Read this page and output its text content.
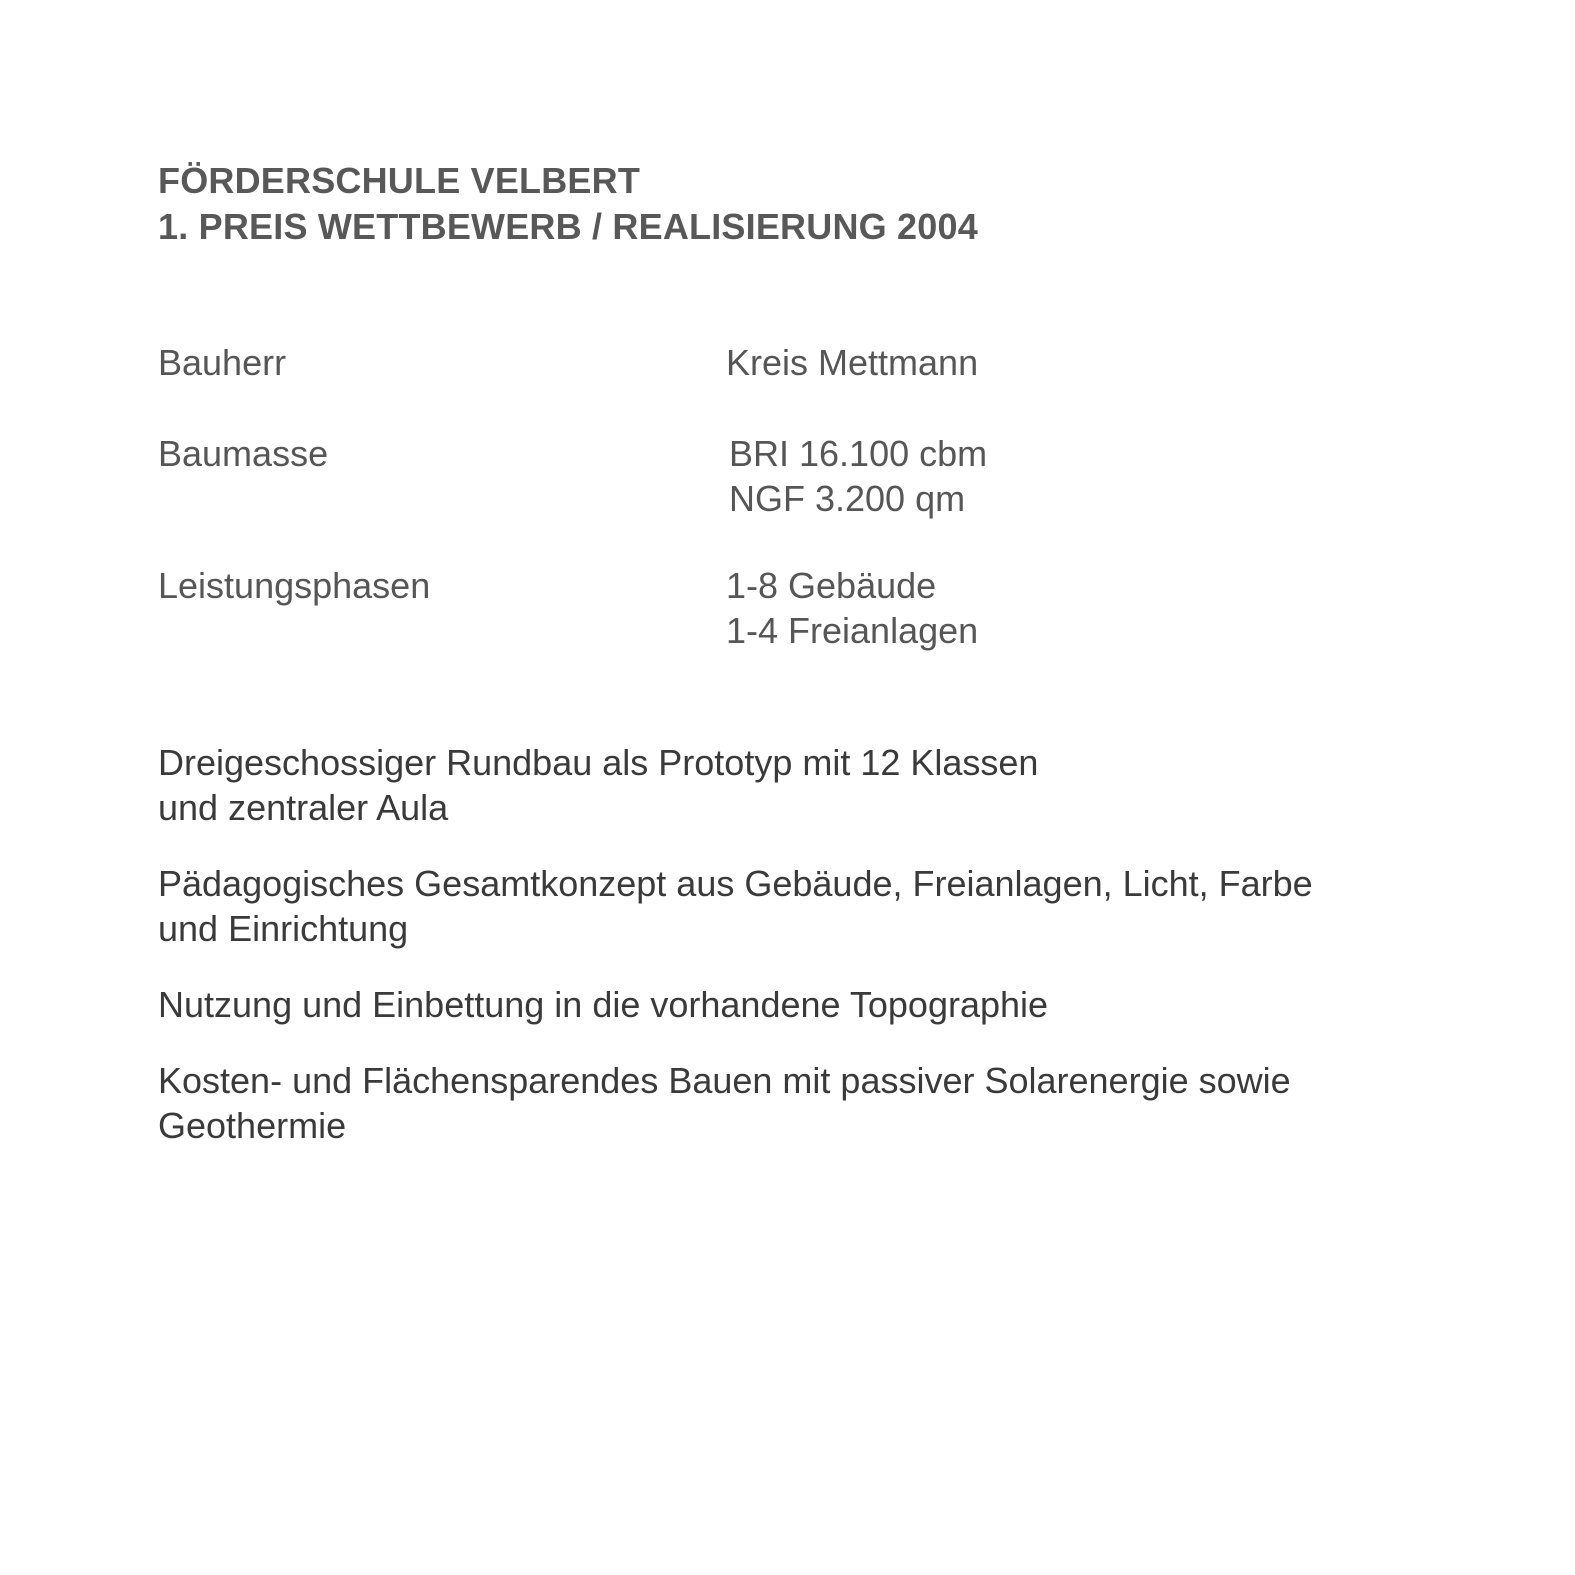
FÖRDERSCHULE VELBERT
1. PREIS WETTBEWERB / REALISIERUNG 2004
Bauherr	Kreis Mettmann
Baumasse	BRI 16.100 cbm
NGF 3.200 qm
Leistungsphasen	1-8 Gebäude
1-4 Freianlagen

Dreigeschossiger Rundbau als Prototyp mit 12 Klassen
und zentraler Aula

Pädagogisches Gesamtkonzept aus Gebäude, Freianlagen, Licht, Farbe
und Einrichtung

Nutzung und Einbettung in die vorhandene Topographie

Kosten- und Flächensparendes Bauen mit passiver Solarenergie sowie
Geothermie
